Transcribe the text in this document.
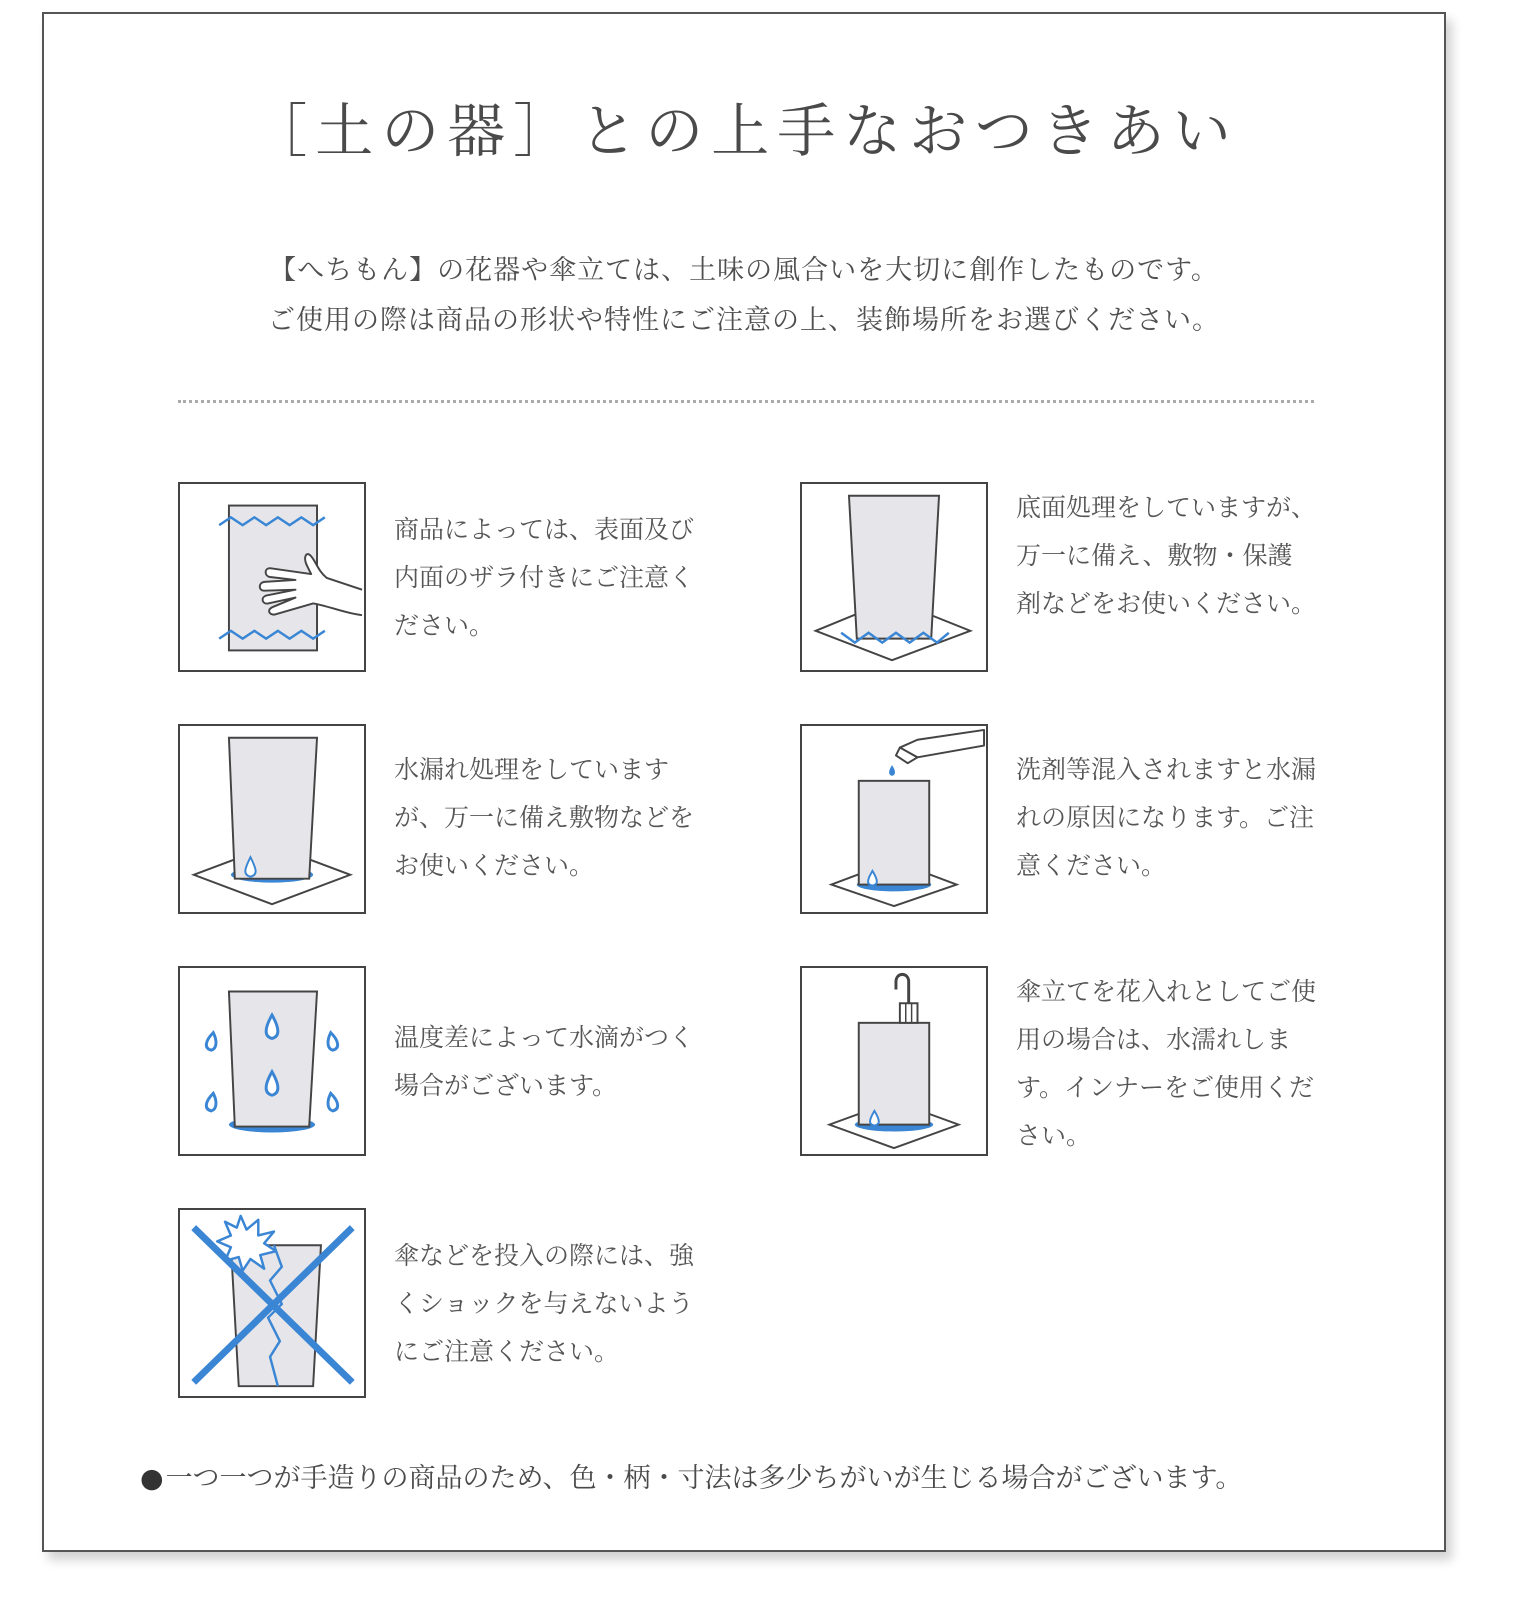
［土の器］との上手なおつきあい

【へちもん】の花器や傘立ては、土味の風合いを大切に創作したものです。

ご使用の際は商品の形状や特性にご注意の上、装飾場所をお選びください。

商品によっては、表面及び内面のザラ付きにご注意ください。
底面処理をしていますが、万一に備え、敷物・保護剤などをお使いください。
水漏れ処理をしていますが、万一に備え敷物などをお使いください。
洗剤等混入されますと水漏れの原因になります。ご注意ください。
温度差によって水滴がつく場合がございます。
傘立てを花入れとしてご使用の場合は、水濡れします。インナーをご使用ください。
傘などを投入の際には、強くショックを与えないようにご注意ください。
●一つ一つが手造りの商品のため、色・柄・寸法は多少ちがいが生じる場合がございます。
